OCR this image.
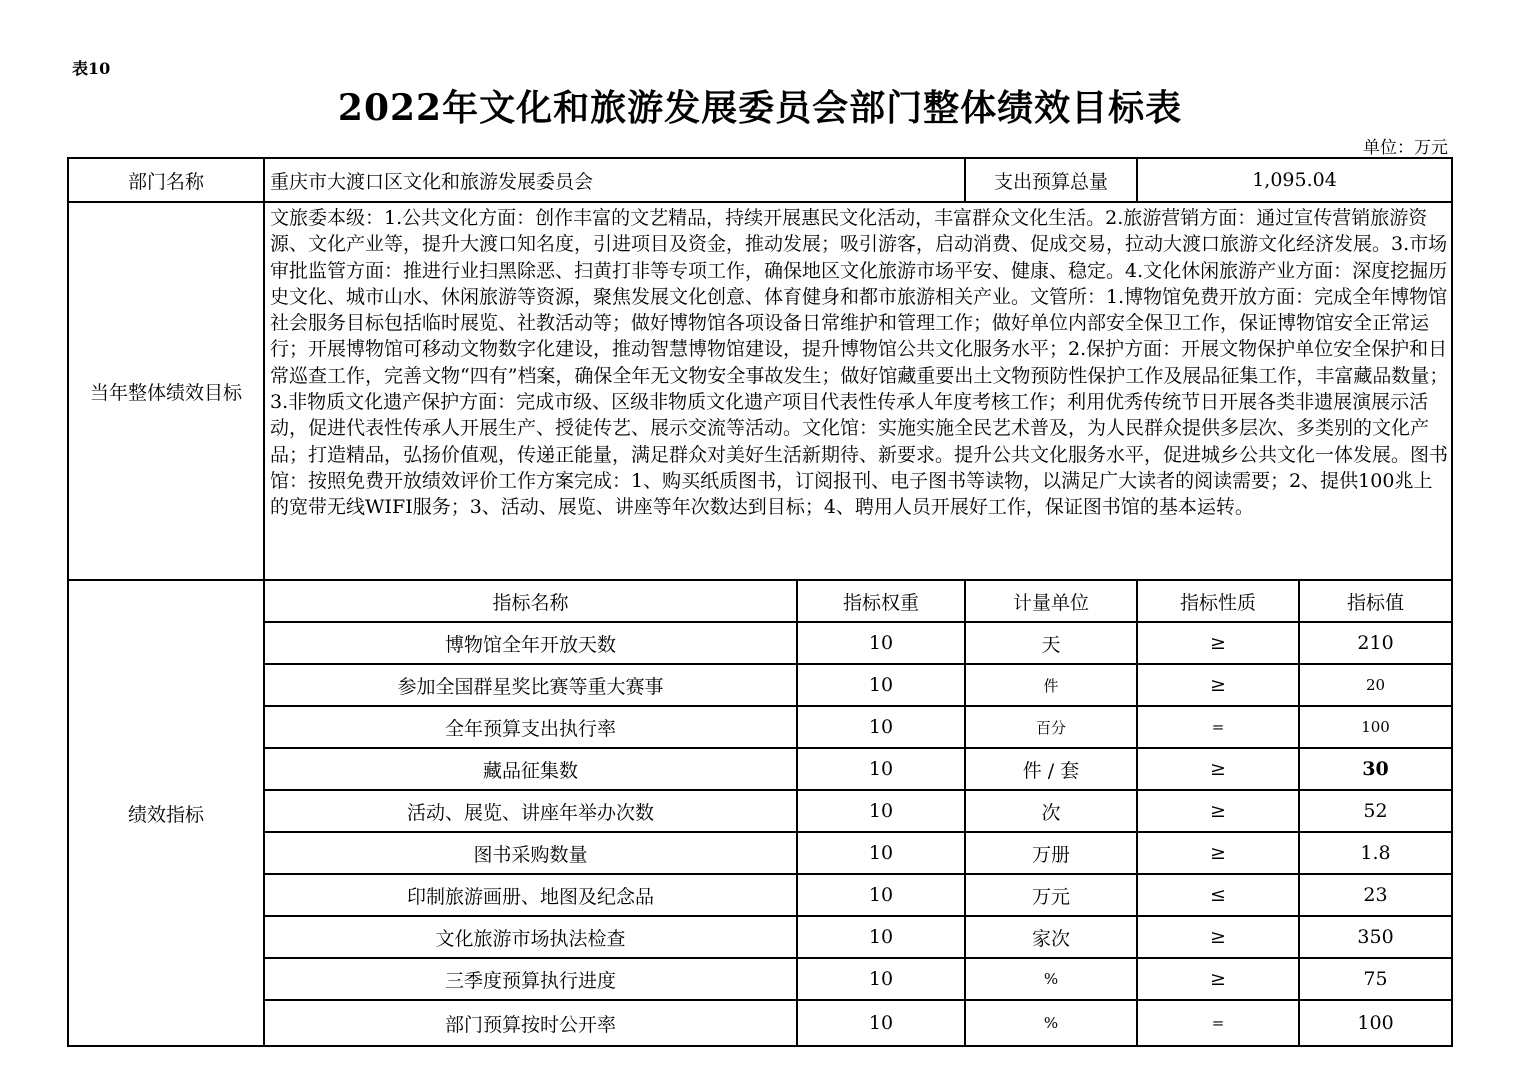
表10
2022年文化和旅游发展委员会部门整体绩效目标表
单位：万元
部门名称	重庆市大渡口区文化和旅游发展委员会		支出预算总量	1,095.04	
当年整体绩效目标	文旅委本级：1.公共文化方面：创作丰富的文艺精品，持续开展惠民文化活动，丰富群众文化生活。2.旅游营销方面：通过宣传营销旅游资源、文化产业等，提升大渡口知名度，引进项目及资金，推动发展；吸引游客，启动消费、促成交易，拉动大渡口旅游文化经济发展。3.市场审批监管方面：推进行业扫黑除恶、扫黄打非等专项工作，确保地区文化旅游市场平安、健康、稳定。4.文化休闲旅游产业方面：深度挖掘历史文化、城市山水、休闲旅游等资源，聚焦发展文化创意、体育健身和都市旅游相关产业。文管所：1.博物馆免费开放方面：完成全年博物馆社会服务目标包括临时展览、社教活动等；做好博物馆各项设备日常维护和管理工作；做好单位内部安全保卫工作，保证博物馆安全正常运行；开展博物馆可移动文物数字化建设，推动智慧博物馆建设，提升博物馆公共文化服务水平；2.保护方面：开展文物保护单位安全保护和日常巡查工作，完善文物“四有”档案，确保全年无文物安全事故发生；做好馆藏重要出土文物预防性保护工作及展品征集工作，丰富藏品数量；3.非物质文化遗产保护方面：完成市级、区级非物质文化遗产项目代表性传承人年度考核工作；利用优秀传统节日开展各类非遗展演展示活动，促进代表性传承人开展生产、授徒传艺、展示交流等活动。文化馆：实施实施全民艺术普及，为人民群众提供多层次、多类别的文化产品；打造精品，弘扬价值观，传递正能量，满足群众对美好生活新期待、新要求。提升公共文化服务水平，促进城乡公共文化一体发展。图书馆：按照免费开放绩效评价工作方案完成：1、购买纸质图书，订阅报刊、电子图书等读物，以满足广大读者的阅读需要；2、提供100兆上的宽带无线WIFI服务；3、活动、展览、讲座等年次数达到目标；4、聘用人员开展好工作，保证图书馆的基本运转。				
绩效指标	指标名称	指标权重	计量单位	指标性质	指标值
	博物馆全年开放天数	10	天	≥	210
	参加全国群星奖比赛等重大赛事	10	件	≥	20
	全年预算支出执行率	10	百分	=	100
	藏品征集数	10	件 / 套	≥	30
	活动、展览、讲座年举办次数	10	次	≥	52
	图书采购数量	10	万册	≥	1.8
	印制旅游画册、地图及纪念品	10	万元	≤	23
	文化旅游市场执法检查	10	家次	≥	350
	三季度预算执行进度	10	%	≥	75
	部门预算按时公开率	10	%	=	100
